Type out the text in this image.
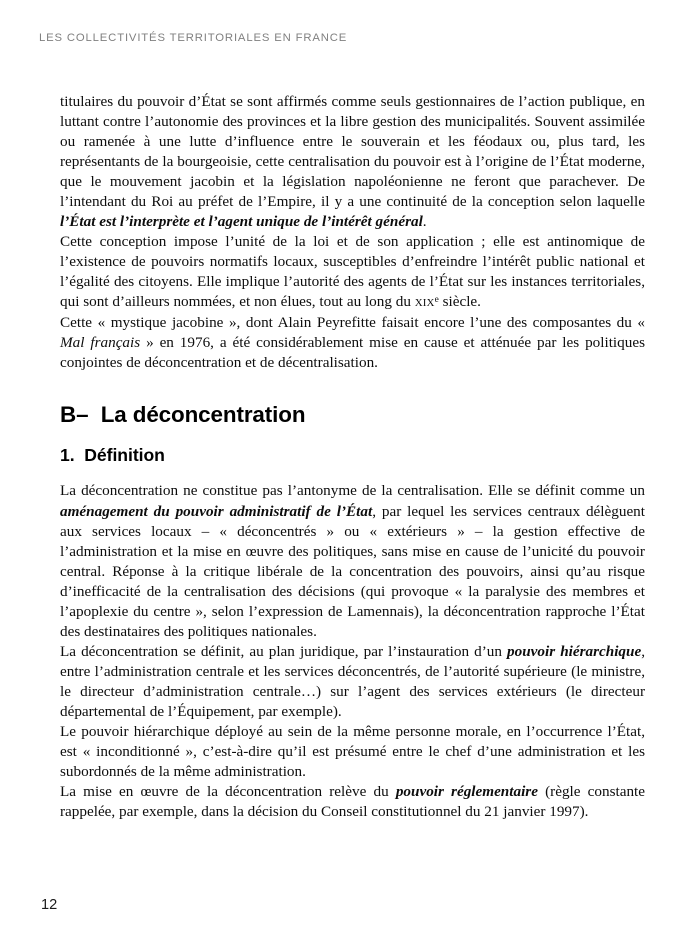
LES COLLECTIVITÉS TERRITORIALES EN FRANCE

titulaires du pouvoir d’État se sont affirmés comme seuls gestionnaires de l’action publique, en luttant contre l’autonomie des provinces et la libre gestion des municipalités. Souvent assimilée ou ramenée à une lutte d’influence entre le souverain et les féodaux ou, plus tard, les représentants de la bourgeoisie, cette centralisation du pouvoir est à l’origine de l’État moderne, que le mouvement jacobin et la législation napoléonienne ne feront que parachever. De l’intendant du Roi au préfet de l’Empire, il y a une continuité de la conception selon laquelle l’État est l’interprète et l’agent unique de l’intérêt général.

Cette conception impose l’unité de la loi et de son application ; elle est antinomique de l’existence de pouvoirs normatifs locaux, susceptibles d’enfreindre l’intérêt public national et l’égalité des citoyens. Elle implique l’autorité des agents de l’État sur les instances territoriales, qui sont d’ailleurs nommées, et non élues, tout au long du xix$^e$ siècle.

Cette « mystique jacobine », dont Alain Peyrefitte faisait encore l’une des composantes du « Mal français » en 1976, a été considérablement mise en cause et atténuée par les politiques conjointes de déconcentration et de décentralisation.

B– La déconcentration
1. Définition

La déconcentration ne constitue pas l’antonyme de la centralisation. Elle se définit comme un aménagement du pouvoir administratif de l’État, par lequel les services centraux délèguent aux services locaux – « déconcentrés » ou « extérieurs » – la gestion effective de l’administration et la mise en œuvre des politiques, sans mise en cause de l’unicité du pouvoir central. Réponse à la critique libérale de la concentration des pouvoirs, ainsi qu’au risque d’inefficacité de la centralisation des décisions (qui provoque « la paralysie des membres et l’apoplexie du centre », selon l’expression de Lamennais), la déconcentration rapproche l’État des destinataires des politiques nationales.

La déconcentration se définit, au plan juridique, par l’instauration d’un pouvoir hiérarchique, entre l’administration centrale et les services déconcentrés, de l’autorité supérieure (le ministre, le directeur d’administration centrale…) sur l’agent des services extérieurs (le directeur départemental de l’Équipement, par exemple).

Le pouvoir hiérarchique déployé au sein de la même personne morale, en l’occurrence l’État, est « inconditionné », c’est-à-dire qu’il est présumé entre le chef d’une administration et les subordonnés de la même administration.

La mise en œuvre de la déconcentration relève du pouvoir réglementaire (règle constante rappelée, par exemple, dans la décision du Conseil constitutionnel du 21 janvier 1997).

12
